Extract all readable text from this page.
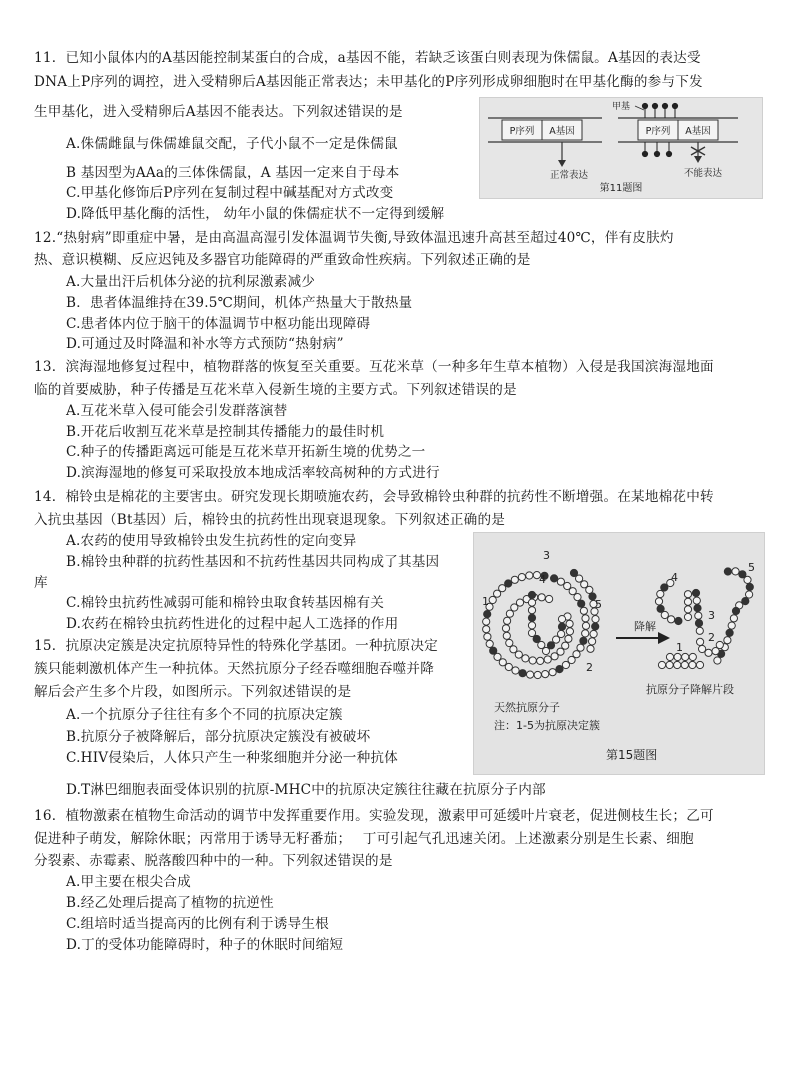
11．已知小鼠体内的A基因能控制某蛋白的合成，a基因不能，若缺乏该蛋白则表现为侏儒鼠。A基因的表达受
DNA上P序列的调控，进入受精卵后A基因能正常表达；未甲基化的P序列形成卵细胞时在甲基化酶的参与下发
生甲基化，进入受精卵后A基因不能表达。下列叙述错误的是
A.侏儒雌鼠与侏儒雄鼠交配，子代小鼠不一定是侏儒鼠
B 基因型为AAa的三体侏儒鼠，A 基因一定来自于母本
C.甲基化修饰后P序列在复制过程中碱基配对方式改变
D.降低甲基化酶的活性， 幼年小鼠的侏儒症状不一定得到缓解
P序列 A基因
正常表达
P序列 A基因
甲基
不能表达
第11题图
12.“热射病”即重症中暑，是由高温高湿引发体温调节失衡,导致体温迅速升高甚至超过40℃，伴有皮肤灼
热、意识模糊、反应迟钝及多器官功能障碍的严重致命性疾病。下列叙述正确的是
A.大量出汗后机体分泌的抗利尿激素减少
B．患者体温维持在39.5℃期间，机体产热量大于散热量
C.患者体内位于脑干的体温调节中枢功能出现障碍
D.可通过及时降温和补水等方式预防“热射病”
13．滨海湿地修复过程中，植物群落的恢复至关重要。互花米草（一种多年生草本植物）入侵是我国滨海湿地面
临的首要威胁，种子传播是互花米草入侵新生境的主要方式。下列叙述错误的是
A.互花米草入侵可能会引发群落演替
B.开花后收割互花米草是控制其传播能力的最佳时机
C.种子的传播距离远可能是互花米草开拓新生境的优势之一
D.滨海湿地的修复可采取投放本地成活率较高树种的方式进行
14．棉铃虫是棉花的主要害虫。研究发现长期喷施农药，会导致棉铃虫种群的抗药性不断增强。在某地棉花中转
入抗虫基因（Bt基因）后，棉铃虫的抗药性出现衰退现象。下列叙述正确的是
A.农药的使用导致棉铃虫发生抗药性的定向变异
B.棉铃虫种群的抗药性基因和不抗药性基因共同构成了其基因
库
C.棉铃虫抗药性减弱可能和棉铃虫取食转基因棉有关
D.农药在棉铃虫抗药性进化的过程中起人工选择的作用
15．抗原决定簇是决定抗原特异性的特殊化学基团。一种抗原决定
簇只能刺激机体产生一种抗体。天然抗原分子经吞噬细胞吞噬并降
解后会产生多个片段，如图所示。下列叙述错误的是
A.一个抗原分子往往有多个不同的抗原决定簇
B.抗原分子被降解后，部分抗原决定簇没有被破坏
C.HIV侵染后，人体只产生一种浆细胞并分泌一种抗体
D.T淋巴细胞表面受体识别的抗原-MHC中的抗原决定簇往往藏在抗原分子内部
降解
1
4
3
5
2
4
5
3
2
1
天然抗原分子
抗原分子降解片段
注：1-5为抗原决定簇
第15题图
16．植物激素在植物生命活动的调节中发挥重要作用。实验发现，激素甲可延缓叶片衰老，促进侧枝生长；乙可
促进种子萌发，解除休眠；丙常用于诱导无籽番茄；　 丁可引起气孔迅速关闭。上述激素分别是生长素、细胞
分裂素、赤霉素、脱落酸四种中的一种。下列叙述错误的是
A.甲主要在根尖合成
B.经乙处理后提高了植物的抗逆性
C.组培时适当提高丙的比例有利于诱导生根
D.丁的受体功能障碍时，种子的休眠时间缩短
